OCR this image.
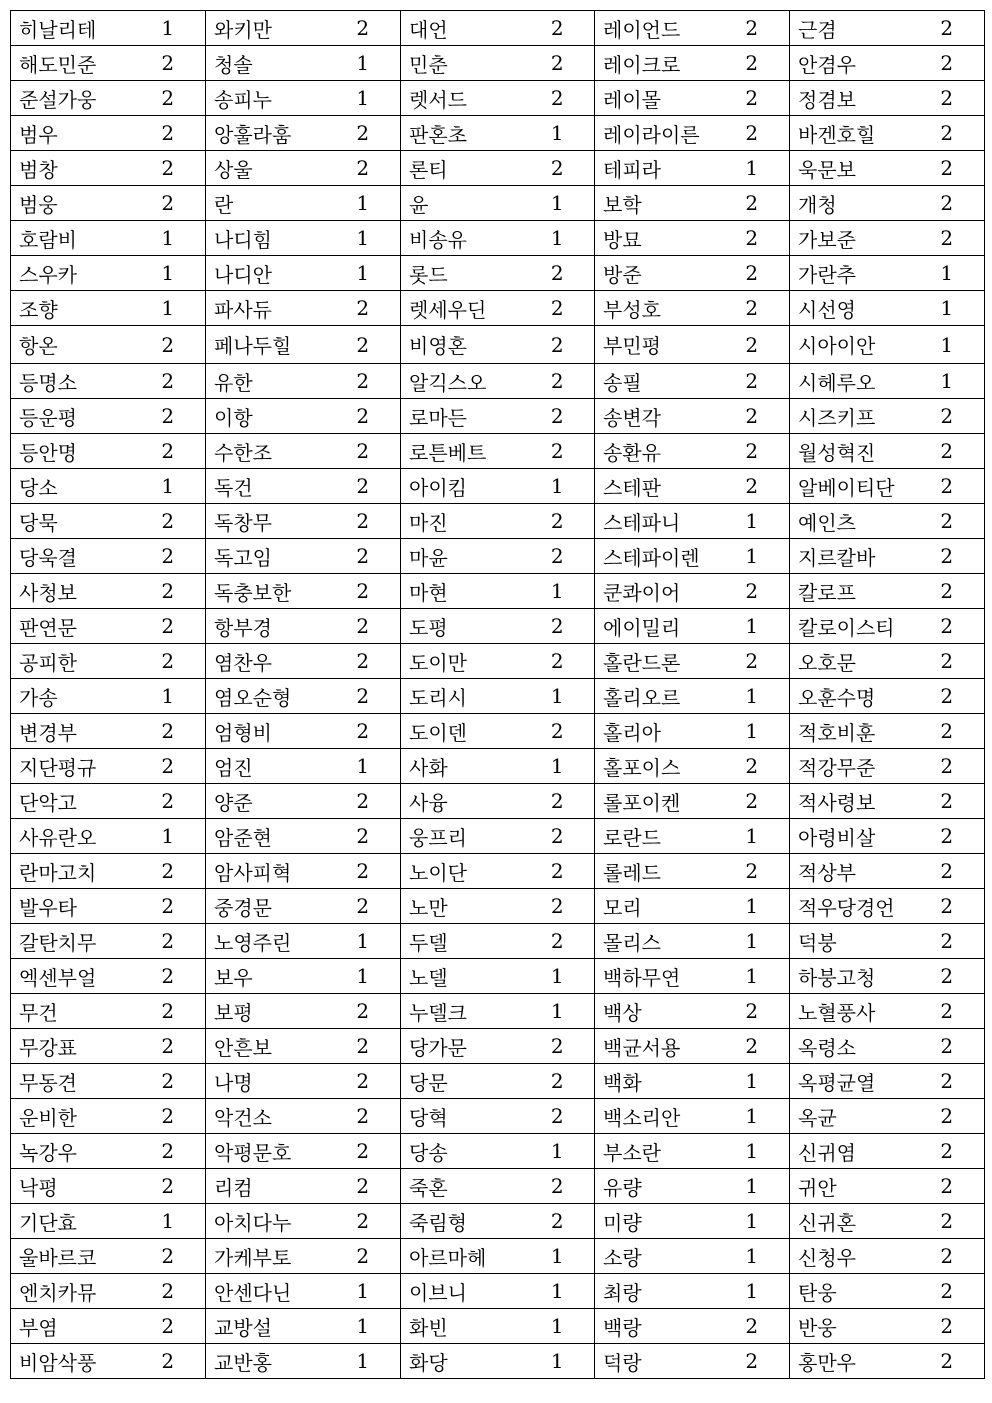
히날리테	1	와키만	2	대언	2	레이언드	2	근겸	2
해도민준	2	청솔	1	민춘	2	레이크로	2	안겸우	2
준설가웅	2	송피누	1	렛서드	2	레이몰	2	정겸보	2
범우	2	앙훌라훔	2	판혼초	1	레이라이른	2	바겐호힐	2
범창	2	상울	2	론티	2	테피라	1	욱문보	2
범웅	2	란	1	윤	1	보학	2	개청	2
호람비	1	나디힘	1	비송유	1	방묘	2	가보준	2
스우카	1	나디안	1	롯드	2	방준	2	가란추	1
조향	1	파사듀	2	렛세우딘	2	부성호	2	시선영	1
항온	2	페나두힐	2	비영혼	2	부민평	2	시아이안	1
등명소	2	유한	2	알긱스오	2	송필	2	시헤루오	1
등운평	2	이항	2	로마든	2	송변각	2	시즈키프	2
등안명	2	수한조	2	로튼베트	2	송환유	2	월성혁진	2
당소	1	독건	2	아이킴	1	스테판	2	알베이티단	2
당묵	2	독창무	2	마진	2	스테파니	1	예인츠	2
당욱결	2	독고임	2	마윤	2	스테파이렌	1	지르칼바	2
사청보	2	독충보한	2	마현	1	쿤콰이어	2	칼로프	2
판연문	2	항부경	2	도평	2	에이밀리	1	칼로이스티	2
공피한	2	염찬우	2	도이만	2	홀란드론	2	오호문	2
가송	1	염오순형	2	도리시	1	홀리오르	1	오훈수명	2
변경부	2	엄형비	2	도이덴	2	홀리아	1	적호비훈	2
지단평규	2	엄진	1	사화	1	홀포이스	2	적강무준	2
단악고	2	양준	2	사융	2	롤포이켄	2	적사령보	2
사유란오	1	암준현	2	웅프리	2	로란드	1	아령비살	2
란마고치	2	암사피혁	2	노이단	2	롤레드	2	적상부	2
발우타	2	중경문	2	노만	2	모리	1	적우당경언	2
갈탄치무	2	노영주린	1	두델	2	몰리스	1	덕붕	2
엑센부얼	2	보우	1	노델	1	백하무연	1	하붕고청	2
무건	2	보평	2	누델크	1	백상	2	노혈풍사	2
무강표	2	안흔보	2	당가문	2	백균서용	2	옥령소	2
무동견	2	나명	2	당문	2	백화	1	옥평균열	2
운비한	2	악건소	2	당혁	2	백소리안	1	옥균	2
녹강우	2	악평문호	2	당송	1	부소란	1	신귀염	2
낙평	2	리컴	2	죽혼	2	유량	1	귀안	2
기단효	1	아치다누	2	죽림형	2	미량	1	신귀혼	2
울바르코	2	가케부토	2	아르마헤	1	소랑	1	신청우	2
엔치카뮤	2	안센다닌	1	이브니	1	최랑	1	탄웅	2
부염	2	교방설	1	화빈	1	백랑	2	반웅	2
비암삭풍	2	교반홍	1	화당	1	덕랑	2	홍만우	2
